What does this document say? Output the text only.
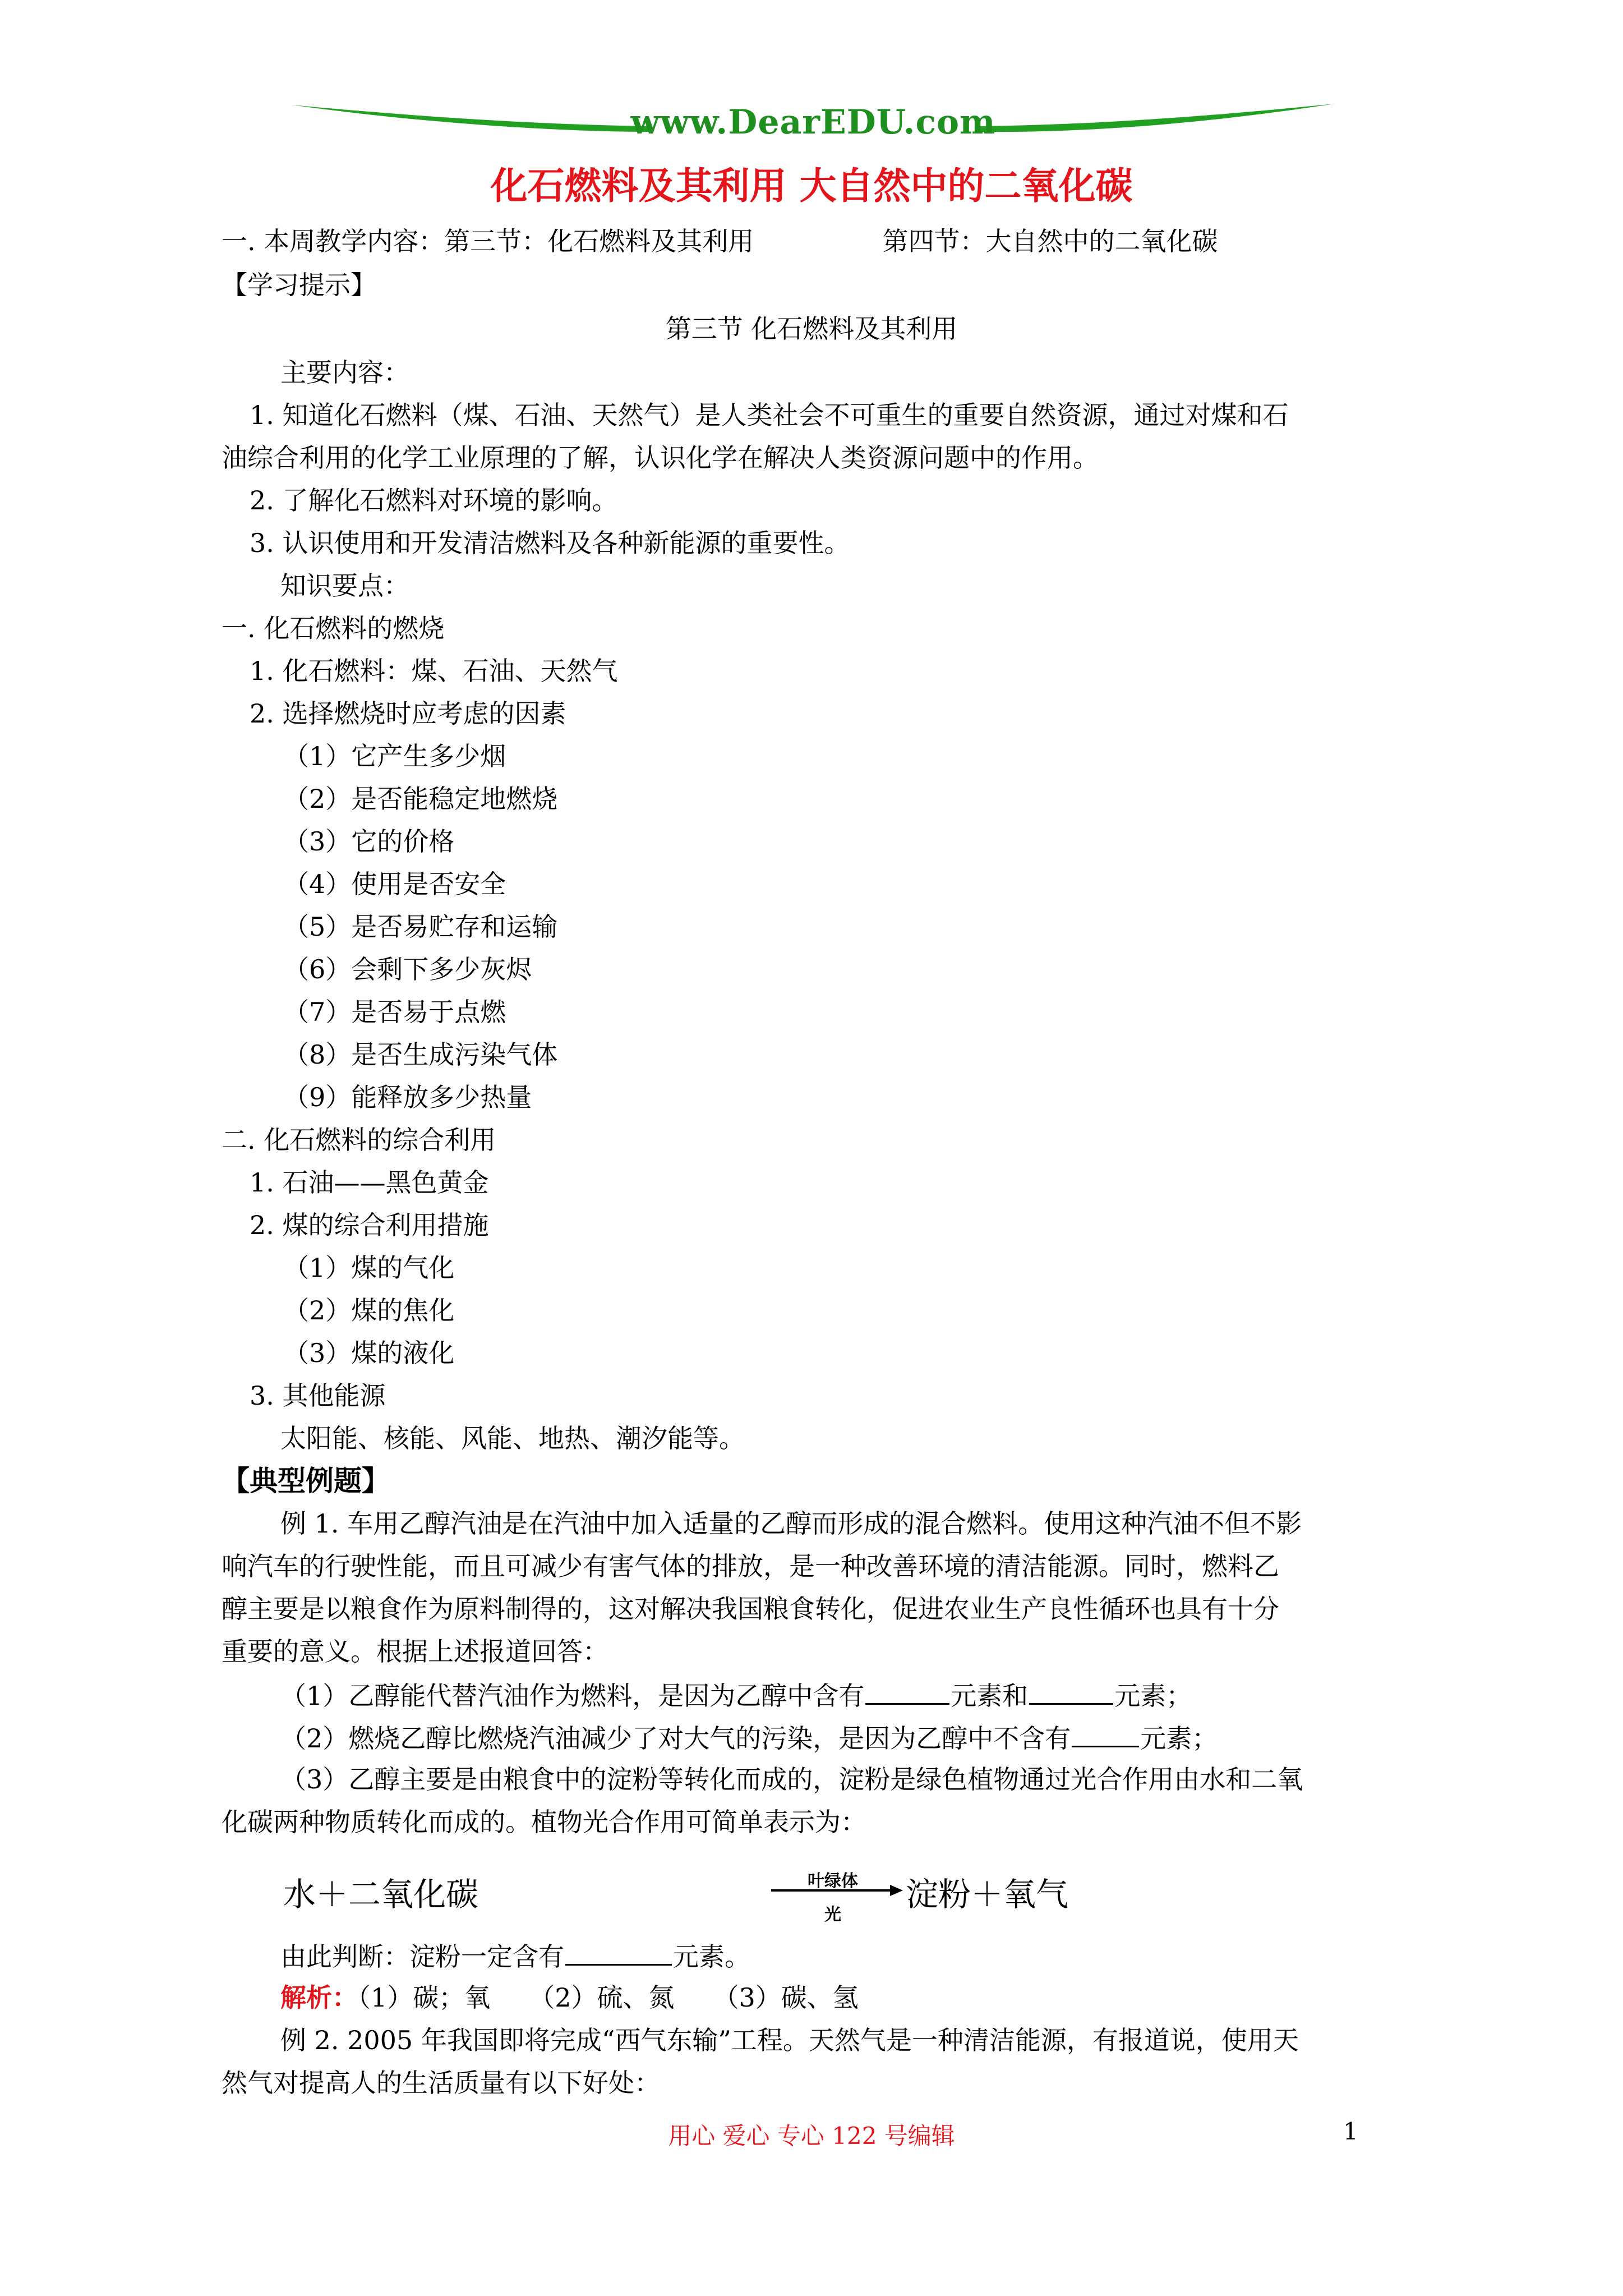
www.DearEDU.com
化石燃料及其利用 大自然中的二氧化碳
一. 本周教学内容：第三节：化石燃料及其利用	第四节：大自然中的二氧化碳
【学习提示】
第三节 化石燃料及其利用
主要内容：
1. 知道化石燃料（煤、石油、天然气）是人类社会不可重生的重要自然资源，通过对煤和石
油综合利用的化学工业原理的了解，认识化学在解决人类资源问题中的作用。
2. 了解化石燃料对环境的影响。
3. 认识使用和开发清洁燃料及各种新能源的重要性。
知识要点：
一. 化石燃料的燃烧
1. 化石燃料：煤、石油、天然气
2. 选择燃烧时应考虑的因素
（1）它产生多少烟
（2）是否能稳定地燃烧
（3）它的价格
（4）使用是否安全
（5）是否易贮存和运输
（6）会剩下多少灰烬
（7）是否易于点燃
（8）是否生成污染气体
（9）能释放多少热量
二. 化石燃料的综合利用
1. 石油——黑色黄金
2. 煤的综合利用措施
（1）煤的气化
（2）煤的焦化
（3）煤的液化
3. 其他能源
太阳能、核能、风能、地热、潮汐能等。
【典型例题】
例 1. 车用乙醇汽油是在汽油中加入适量的乙醇而形成的混合燃料。使用这种汽油不但不影
响汽车的行驶性能，而且可减少有害气体的排放，是一种改善环境的清洁能源。同时，燃料乙
醇主要是以粮食作为原料制得的，这对解决我国粮食转化，促进农业生产良性循环也具有十分
重要的意义。根据上述报道回答：
（1）乙醇能代替汽油作为燃料，是因为乙醇中含有	元素和	元素；
（2）燃烧乙醇比燃烧汽油减少了对大气的污染，是因为乙醇中不含有	元素；
（3）乙醇主要是由粮食中的淀粉等转化而成的，淀粉是绿色植物通过光合作用由水和二氧
化碳两种物质转化而成的。植物光合作用可简单表示为：
水＋二氧化碳	叶绿体
光
淀粉＋氧气
由此判断：淀粉一定含有	元素。
解析：（1）碳；氧　　（2）硫、氮　　（3）碳、氢
例 2. 2005 年我国即将完成“西气东输”工程。天然气是一种清洁能源，有报道说，使用天
然气对提高人的生活质量有以下好处：
用心 爱心 专心 122 号编辑	1
